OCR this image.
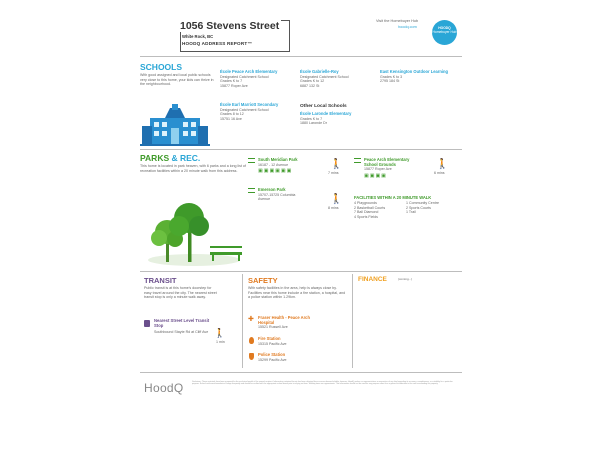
1056 Stevens Street
White Rock, BC
HOODQ ADDRESS REPORT™
Visit the Homebuyer Hub
hoodq.com	HOODQ
Homebuyer Hub
SCHOOLS
With good assigned and local public schools very close to this home, your kids can thrive in the neighbourhood.
École Peace Arch Elementary
Designated Catchment School
Grades K to 7
15877 Roper Ave
École Gabrielle-Roy
Designated Catchment School
Grades K to 12
6887 132 St
East Kensington Outdoor Learning
Grades K to 3
2795 184 St
École Earl Marriott Secondary
Designated Catchment School
Grades 8 to 12
15751 16 Ave
Other Local Schools
École Laronde Elementary
Grades K to 7
1880 Laronde Dr
PARKS & REC.
This home is located in park heaven, with 6 parks and a long list of recreation facilities within a 20 minute walk from this address.
South Meridian Park
16187 - 12 Avenue
▣▣▣▣▣▣
🚶
7 mins
Peace Arch Elementary School Grounds
15877 Roper Ave
▣▣▣▣
🚶
6 mins
Emerson Park
15707-15725 Columbia Avenue	🚶
8 mins
FACILITIES WITHIN A 20 MINUTE WALK
4 Playgrounds	1 Community Centre
2 Basketball Courts	2 Sports Courts
7 Ball Diamond	1 Trail
4 Sports Fields
TRANSIT
Public transit is at this home's doorstep for easy travel around the city. The nearest street transit stop is only a minute walk away.
Nearest Street Level Transit Stop
Southbound Stayte Rd at Cliff Ave 🚶
1 min
SAFETY
With safety facilities in the area, help is always close by. Facilities near this home include a fire station, a hospital, and a police station within 1.29km.
✚ Fraser Health - Peace Arch Hospital
15521 Russell Ave
Fire Station
15315 Pacific Ave
Police Station
15299 Pacific Ave
FINANCE	(coming...)
HoodQ	Disclaimer: These materials have been prepared for the exclusive benefit of the named recipient. Information contained herein has been obtained from sources deemed reliable; however, HoodQ makes no representations or warranties of any kind regarding its accuracy, completeness, or suitability for a particular purpose. School catchment boundaries change frequently and should be verified with the appropriate school board prior to relying on them. Walking times are approximate. This information should not be used for any purpose other than a general introduction to the area surrounding the property.
